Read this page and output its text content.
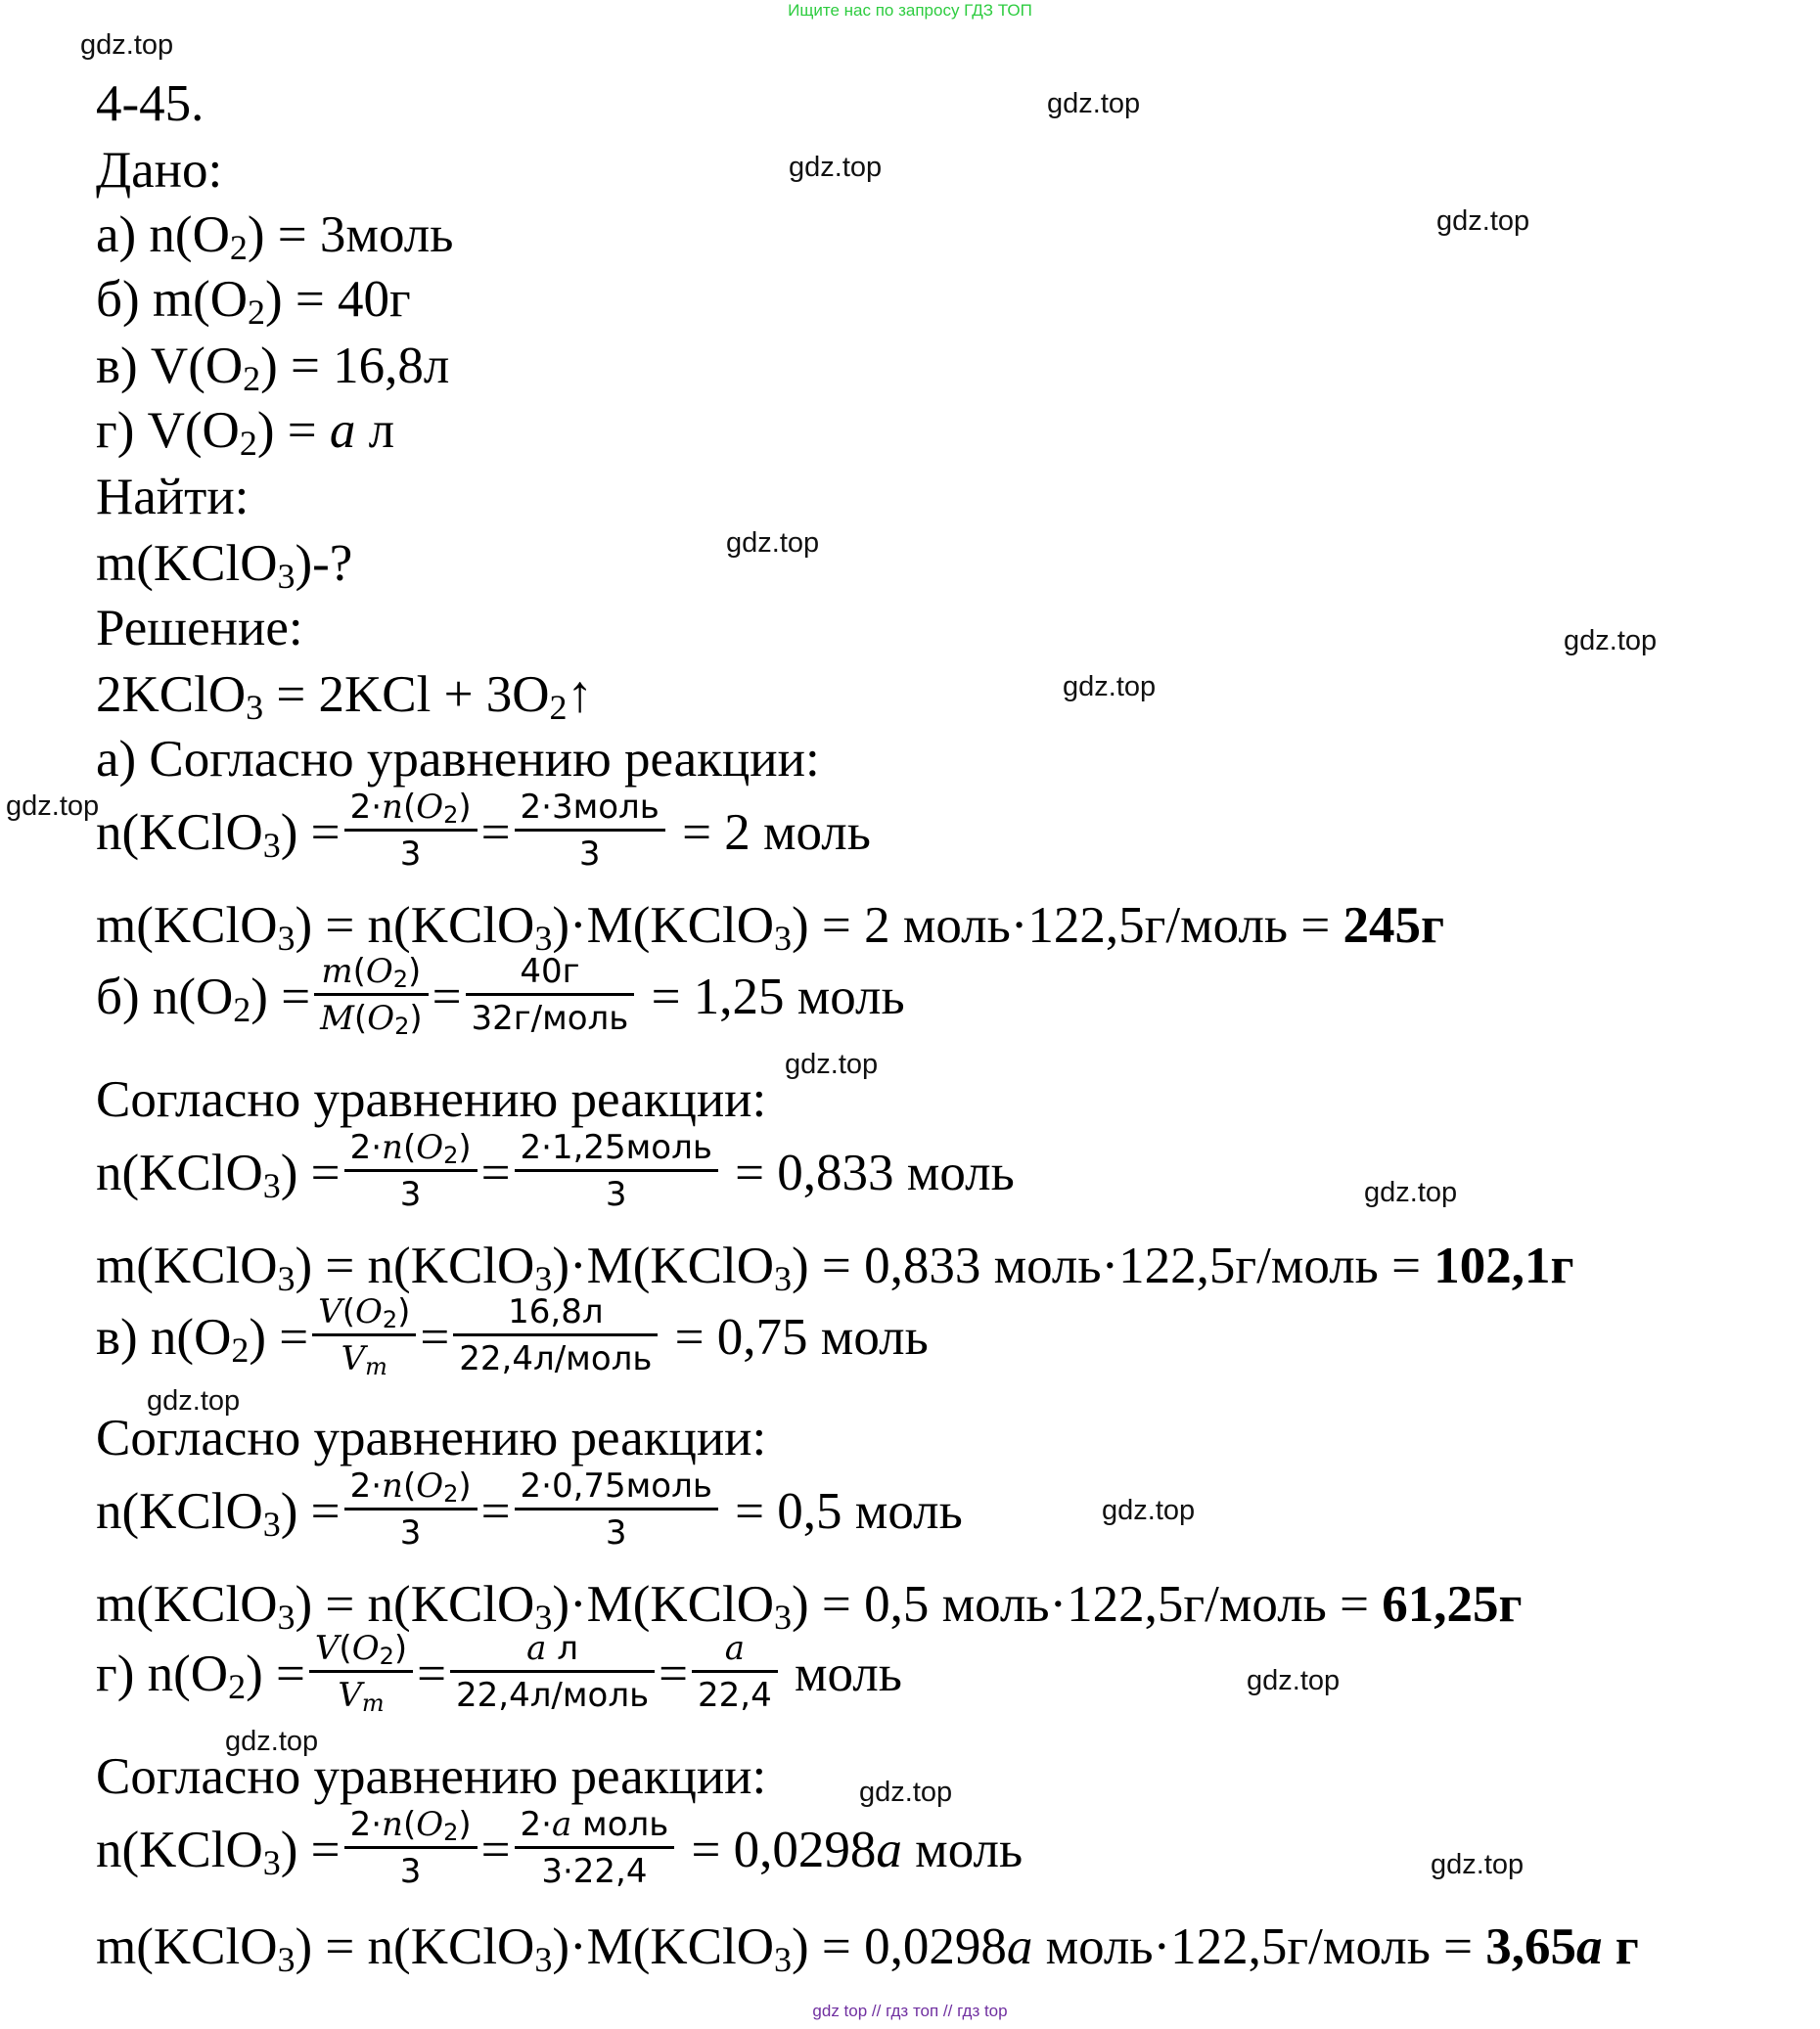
Ищите нас по запросу ГДЗ ТОП
gdz.top
gdz.top
gdz.top
gdz.top
gdz.top
gdz.top
gdz.top
gdz.top
gdz.top
gdz.top
gdz.top
gdz.top
gdz.top
gdz.top
gdz.top
gdz.top
4-45.
Дано:
а) $n(O_2)$ = 3моль
б) $m(O_2) = 40г$
в) $V(O_2) = 16,8л$
г) $V(O_2) = a$ л
Найти:
m(KClO$_3$)-?
Решение:
2KClO$_3$ = $2KCl + 3O_2↑$
а) Согласно уравнению реакции:
n(KClO$_3$) = $\frac{2\cdot n(O_2)}{3} = \frac{\text{2·3моль}}{3} = 2$ моль
m(KClO$_3$) = n(KClO$_3$)·M(KClO$_3$) = 2 моль·122,5г/моль = 245г
б) $n(O_2) = \frac{m(O_2)}{M(O_2)} = \frac{40г}{\text{32г/моль}} = 1,25$ моль
Согласно уравнению реакции:
n(KClO$_3$) = $\frac{2\cdot n(O_2)}{3} = \frac{\text{2·1,25моль}}{3} = 0,833$ моль
m(KClO$_3$) = n(KClO$_3$)·M(KClO$_3$) = 0,833 моль·122,5г/моль = 102,1г
в) $n(O_2) = \frac{V(O_2)}{V_m} = \frac{16,8л}{\text{22,4л/моль}} = 0,75$ моль
Согласно уравнению реакции:
n(KClO$_3$) = $\frac{2\cdot n(O_2)}{3} = \frac{\text{2·0,75моль}}{3} = 0,5$ моль
m(KClO$_3$) = n(KClO$_3$)·M(KClO$_3$) = 0,5 моль·122,5г/моль = 61,25г
г) $n(O_2) = \frac{V(O_2)}{V_m} = \frac{\text{a л}}{\text{22,4л/моль}} = \frac{a}{22,4}$ моль
Согласно уравнению реакции:
n(KClO$_3$) = $\frac{2\cdot n(O_2)}{3} = \frac{\text{2·a моль}}{3\cdot 22,4} = 0,0298a$ моль
m(KClO$_3$) = n(KClO$_3$)·M(KClO$_3$) = 0,0298a моль·122,5г/моль = 3,65a г
gdz top // гдз топ // гдз top
